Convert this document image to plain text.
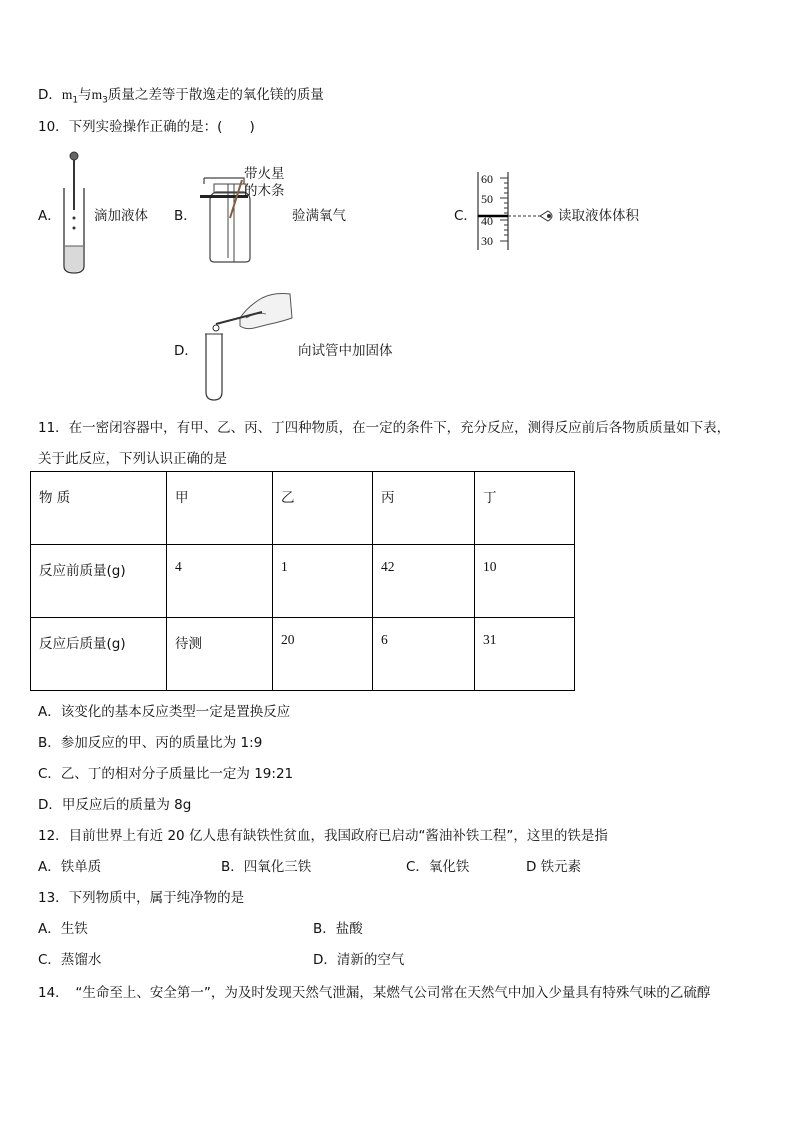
D．$m_1$与$m_3$质量之差等于散逸走的氧化镁的质量
10．下列实验操作正确的是：(　　)
A． 滴加液体 B．
带火星
的木条
验满氧气	C．
60
50
40
30
读取液体体积
D．	向试管中加固体
11．在一密闭容器中，有甲、乙、丙、丁四种物质，在一定的条件下，充分反应，测得反应前后各物质质量如下表，
关于此反应，下列认识正确的是
物 质	甲	乙	丙	丁
反应前质量(g)	4	1	42	10
反应后质量(g)	待测	20	6	31
A．该变化的基本反应类型一定是置换反应
B．参加反应的甲、丙的质量比为 1:9
C．乙、丁的相对分子质量比一定为 19:21
D．甲反应后的质量为 8g
12．目前世界上有近 20 亿人患有缺铁性贫血，我国政府已启动“酱油补铁工程”，这里的铁是指
A．铁单质	B．四氧化三铁	C．氧化铁	D 铁元素
13．下列物质中，属于纯净物的是
A．生铁	B．盐酸
C．蒸馏水	D．清新的空气
14．　“生命至上、安全第一”，为及时发现天然气泄漏，某燃气公司常在天然气中加入少量具有特殊气味的乙硫醇
